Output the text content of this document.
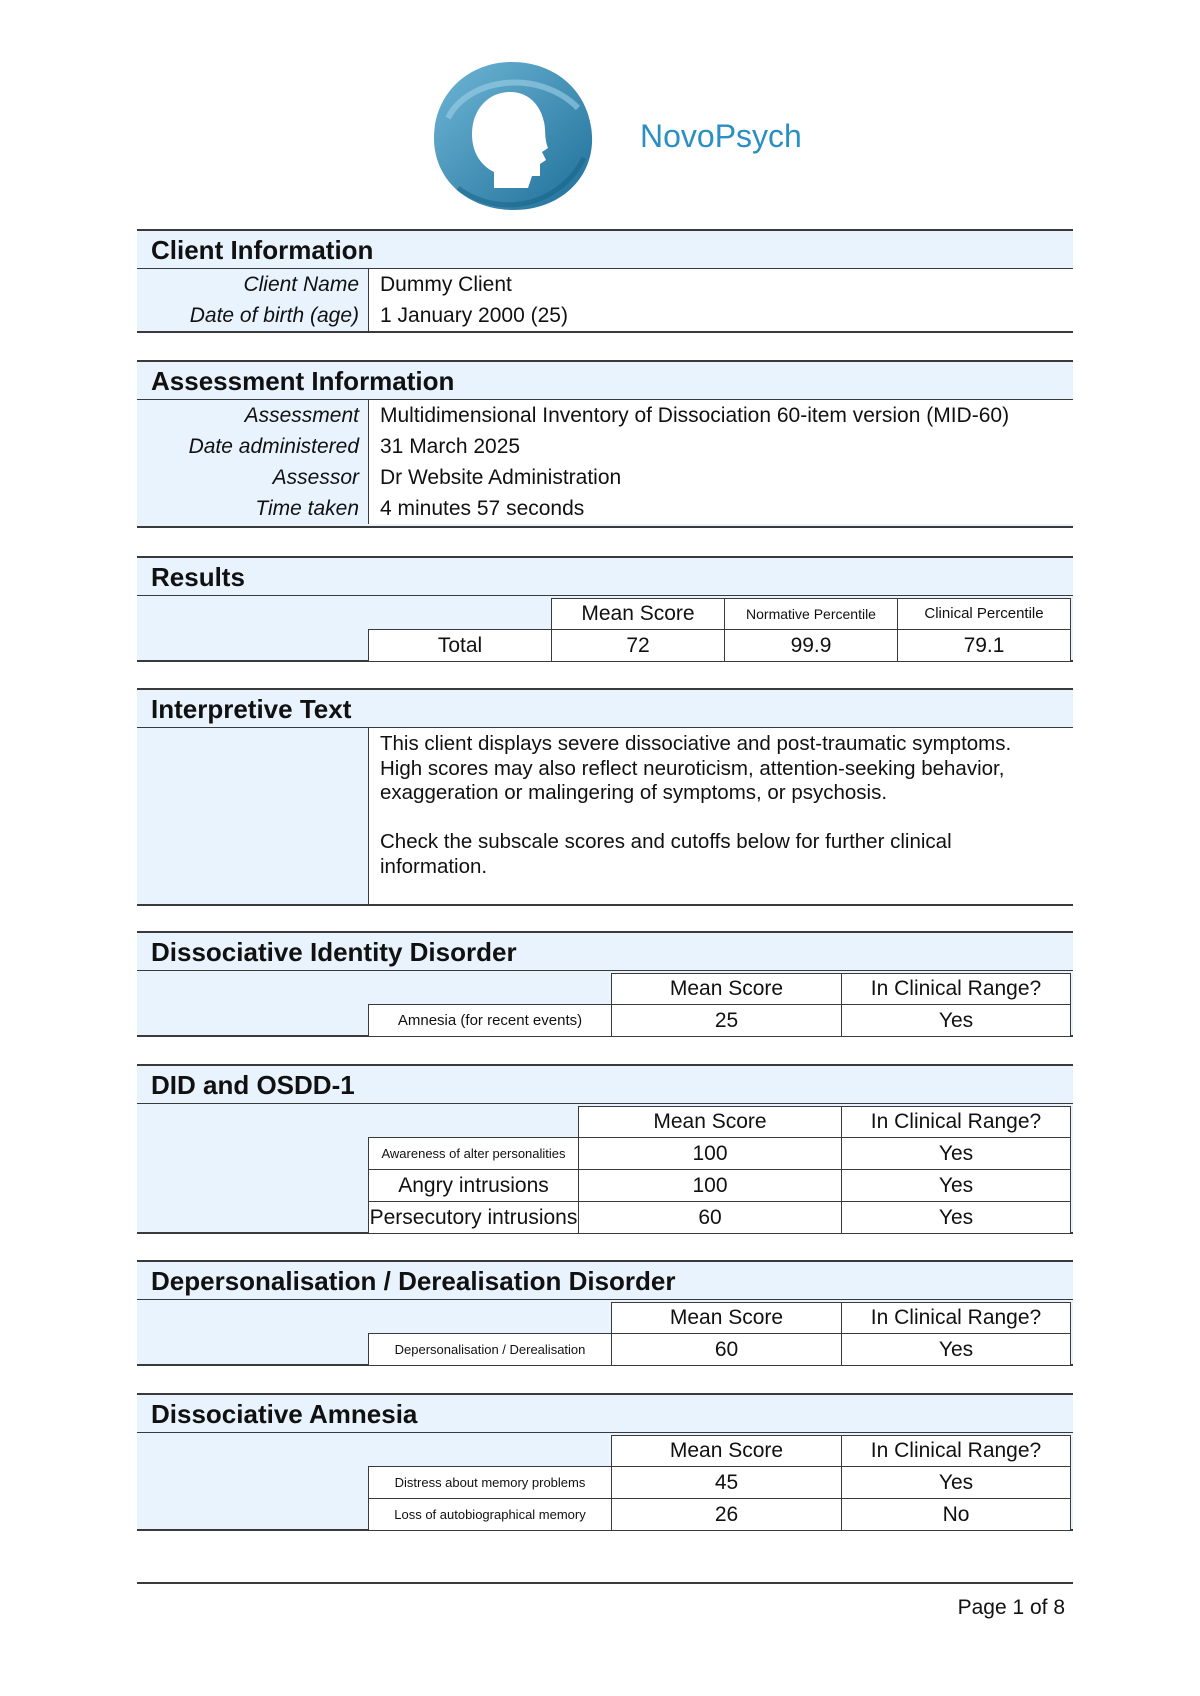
NovoPsych
Client Information
Client Name	Dummy Client
Date of birth (age)	1 January 2000 (25)
Assessment Information
Assessment	Multidimensional Inventory of Dissociation 60-item version (MID-60)
Date administered	31 March 2025
Assessor	Dr Website Administration
Time taken	4 minutes 57 seconds
Results
Mean Score	Normative Percentile	Clinical Percentile
Total	72	99.9	79.1
Interpretive Text

This client displays severe dissociative and post-traumatic symptoms. High scores may also reflect neuroticism, attention-seeking behavior, exaggeration or malingering of symptoms, or psychosis.

Check the subscale scores and cutoffs below for further clinical information.

Dissociative Identity Disorder
Mean Score	In Clinical Range?
Amnesia (for recent events)	25	Yes
DID and OSDD-1
Mean Score	In Clinical Range?
Awareness of alter personalities	100	Yes
Angry intrusions	100	Yes
Persecutory intrusions	60	Yes
Depersonalisation / Derealisation Disorder
Mean Score	In Clinical Range?
Depersonalisation / Derealisation	60	Yes
Dissociative Amnesia
Mean Score	In Clinical Range?
Distress about memory problems	45	Yes
Loss of autobiographical memory	26	No
Page 1 of 8
